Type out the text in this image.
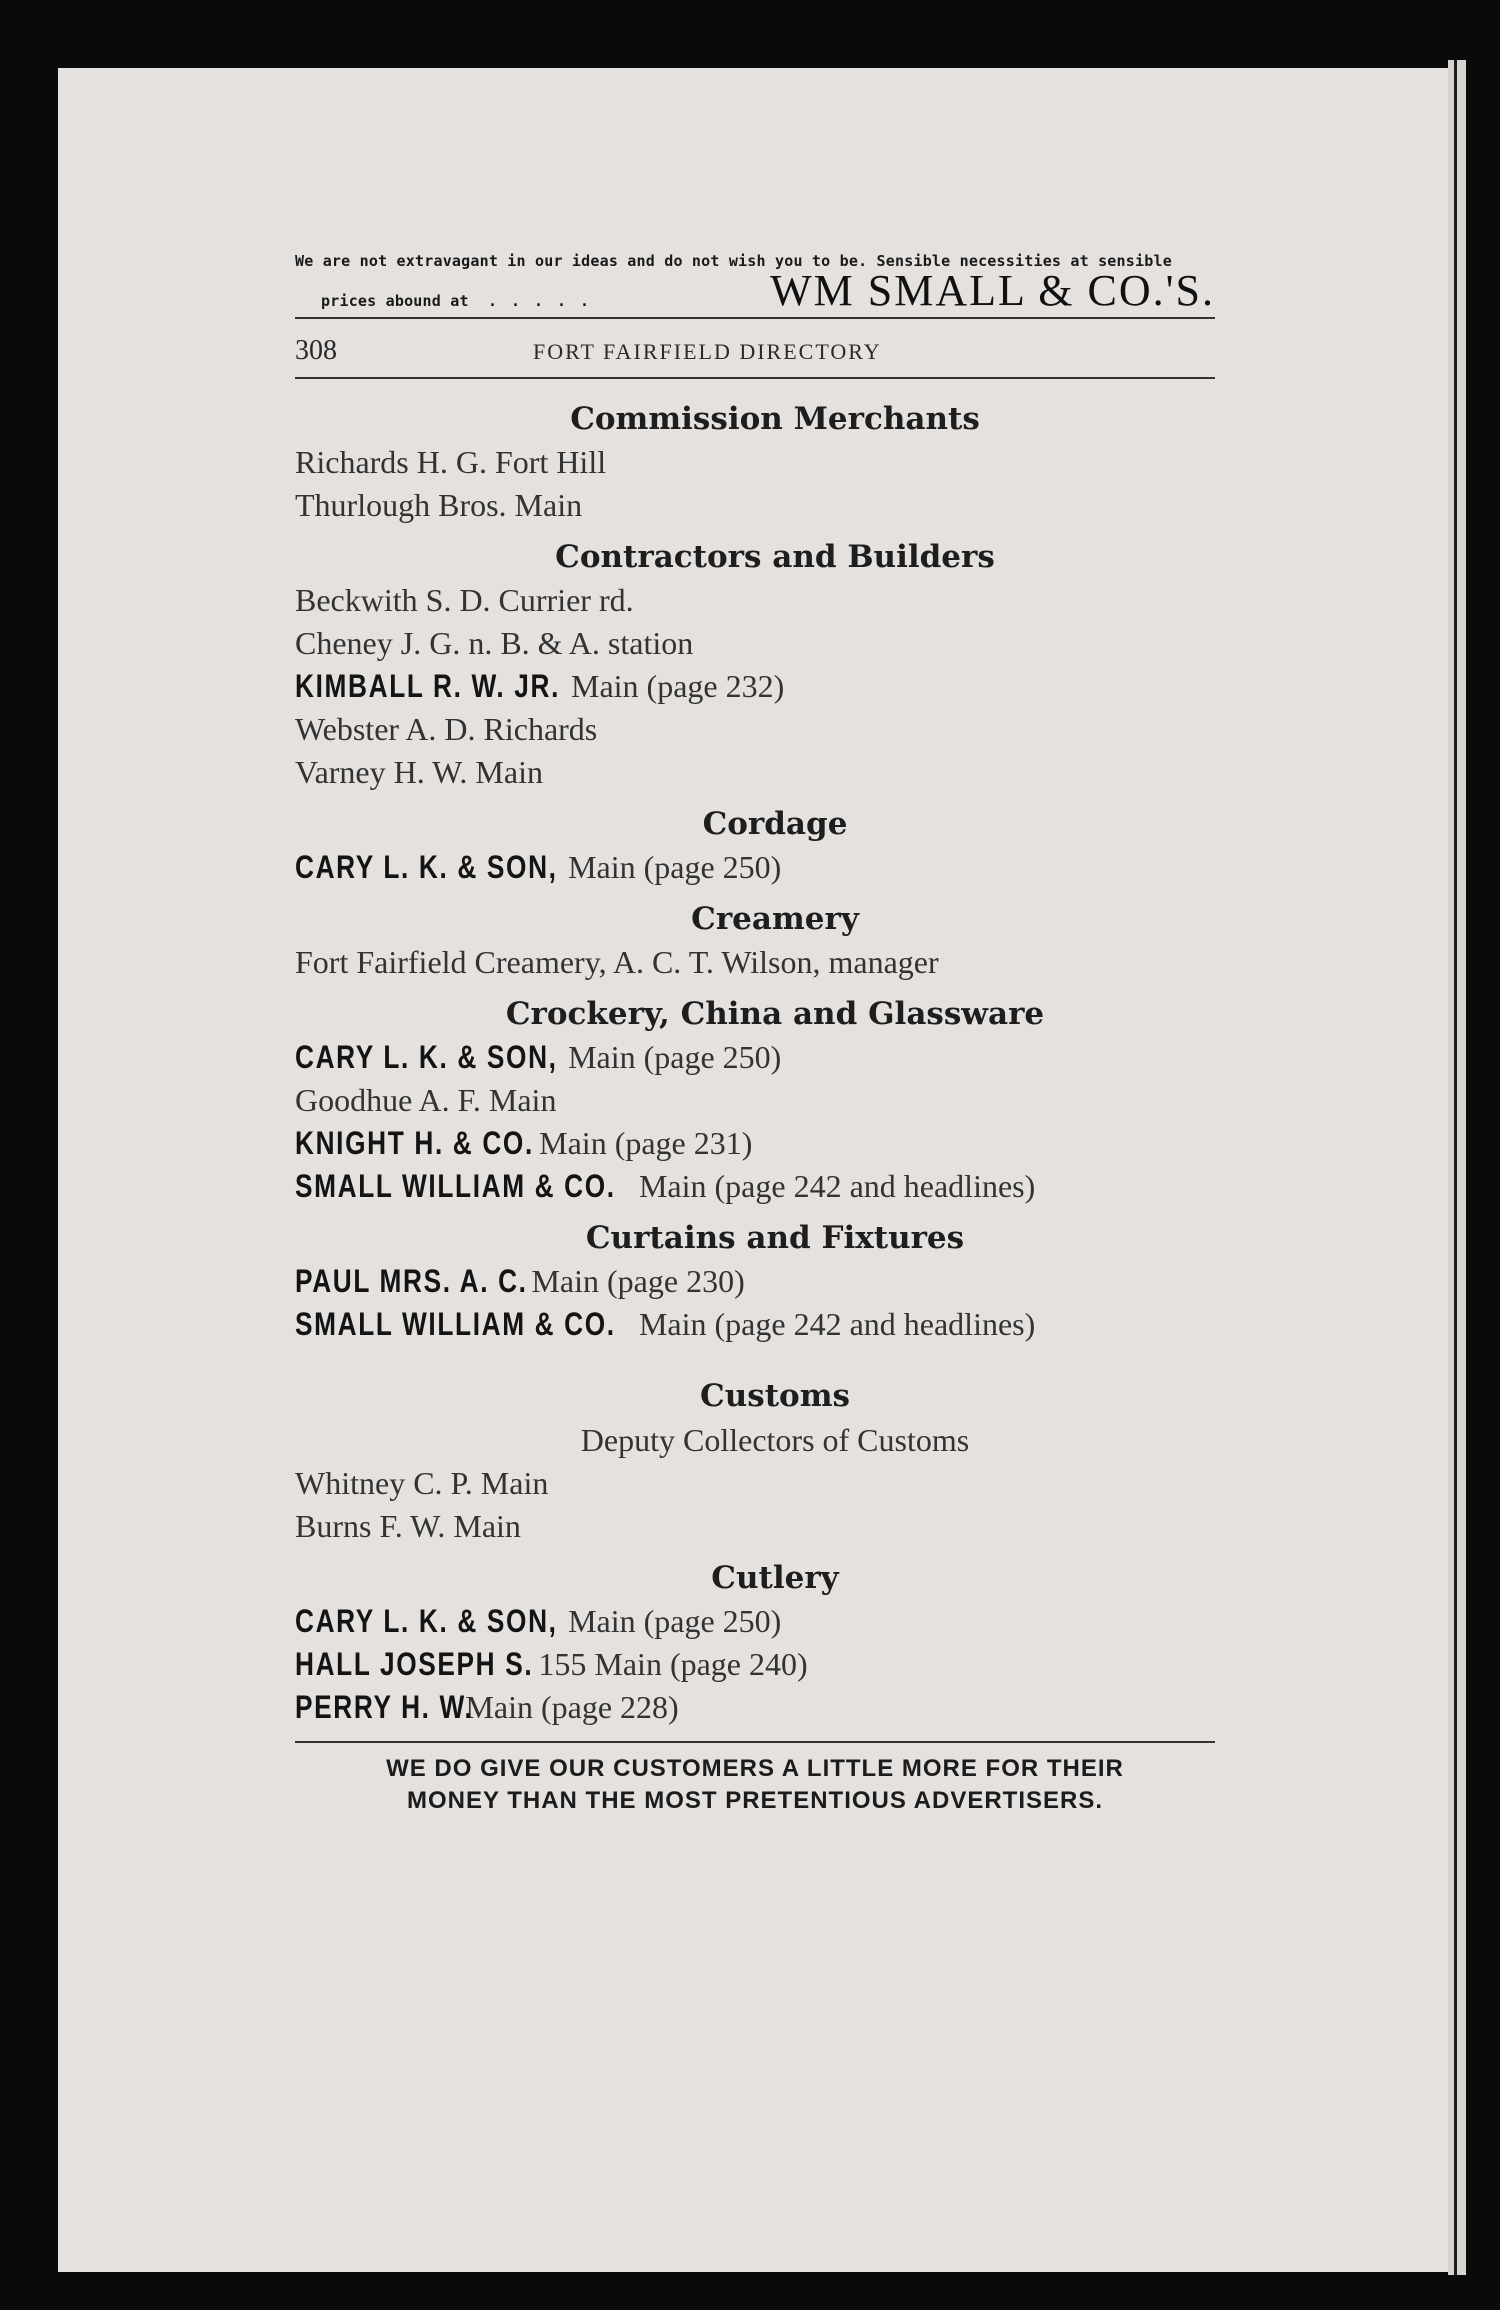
We are not extravagant in our ideas and do not wish you to be. Sensible necessities at sensible
prices abound at .....	WM SMALL & CO.'S.
308	FORT FAIRFIELD DIRECTORY
Commission Merchants
Richards H. G. Fort Hill
Thurlough Bros. Main
Contractors and Builders
Beckwith S. D. Currier rd.
Cheney J. G. n. B. & A. station
KIMBALL R. W. JR. Main (page 232)
Webster A. D. Richards
Varney H. W. Main
Cordage
CARY L. K. & SON, Main (page 250)
Creamery
Fort Fairfield Creamery, A. C. T. Wilson, manager
Crockery, China and Glassware
CARY L. K. & SON, Main (page 250)
Goodhue A. F. Main
KNIGHT H. & CO. Main (page 231)
SMALL WILLIAM & CO. Main (page 242 and headlines)
Curtains and Fixtures
PAUL MRS. A. C. Main (page 230)
SMALL WILLIAM & CO. Main (page 242 and headlines)
Customs
Deputy Collectors of Customs
Whitney C. P. Main
Burns F. W. Main
Cutlery
CARY L. K. & SON, Main (page 250)
HALL JOSEPH S. 155 Main (page 240)
PERRY H. W. Main (page 228)
WE DO GIVE OUR CUSTOMERS A LITTLE MORE FOR THEIR
MONEY THAN THE MOST PRETENTIOUS ADVERTISERS.
